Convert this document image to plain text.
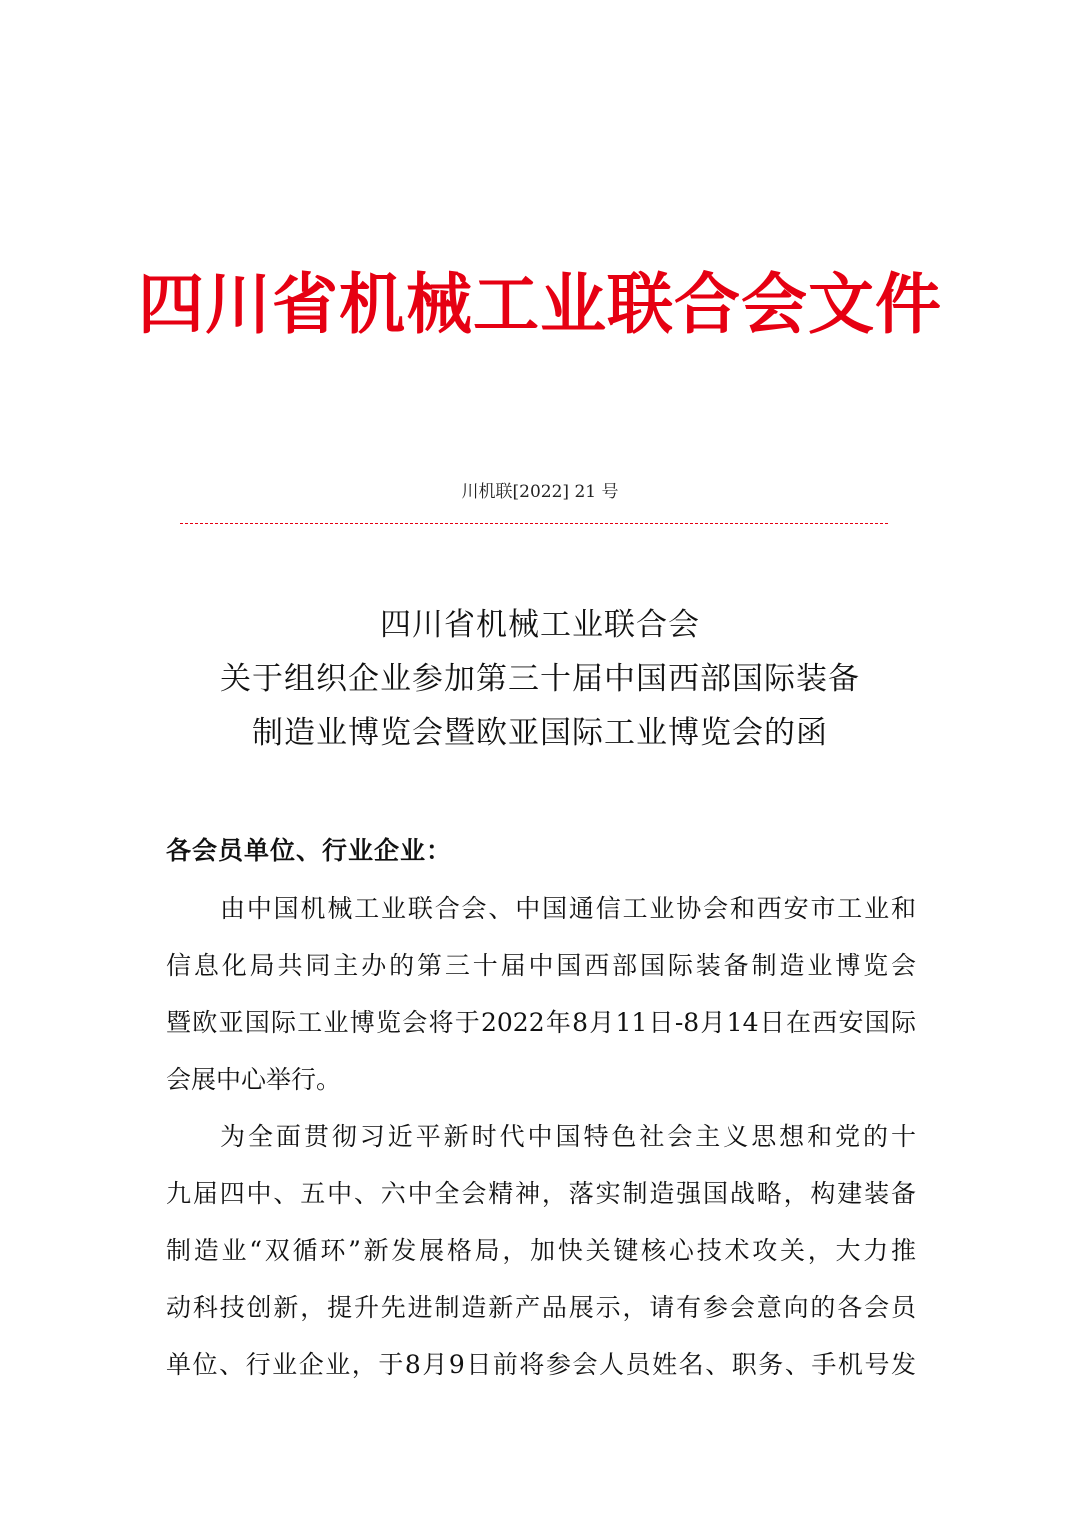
四川省机械工业联合会文件
川机联[2022] 21 号
四川省机械工业联合会
关于组织企业参加第三十届中国西部国际装备
制造业博览会暨欧亚国际工业博览会的函
各会员单位、行业企业：
由中国机械工业联合会、中国通信工业协会和西安市工业和
信息化局共同主办的第三十届中国西部国际装备制造业博览会
暨欧亚国际工业博览会将于2022年8月11日-8月14日在西安国际
会展中心举行。
为全面贯彻习近平新时代中国特色社会主义思想和党的十
九届四中、五中、六中全会精神，落实制造强国战略，构建装备
制造业“双循环”新发展格局，加快关键核心技术攻关，大力推
动科技创新，提升先进制造新产品展示，请有参会意向的各会员
单位、行业企业，于8月9日前将参会人员姓名、职务、手机号发
